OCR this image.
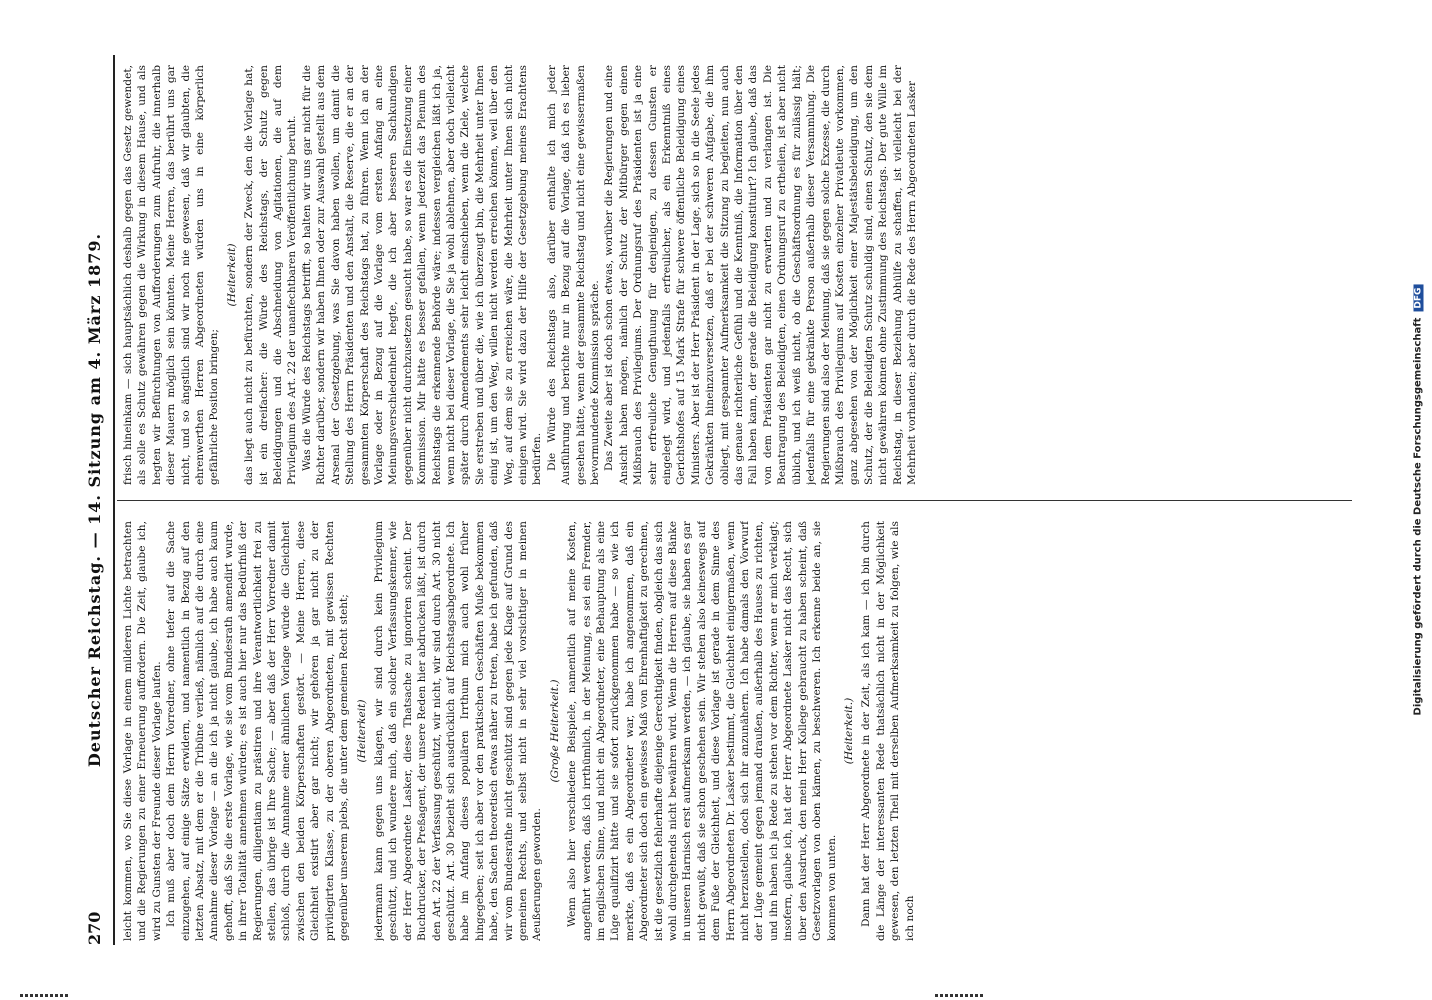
270
Deutscher Reichstag. — 14. Sitzung am 4. März 1879. leicht kommen, wo Sie diese Vorlage in einem milderen Lichte betrachten und die Regierungen zu einer Erneuerung auffordern. Die Zeit, glaube ich, wird zu Gunsten der Freunde dieser Vorlage laufen. Ich muß aber doch dem Herrn Vorredner, ohne tiefer auf die Sache einzugehen, auf einige Sätze erwidern, und namentlich in Bezug auf den letzten Absatz, mit dem er die Tribüne verließ, nämlich auf die durch eine Annahme dieser Vorlage — an die ich ja nicht glaube, ich habe auch kaum gehofft, daß Sie die erste Vorlage, wie sie vom Bundesrath amendirt wurde, in ihrer Totalität annehmen würden; es ist auch hier nur das Bedürfniß der Regierungen, diligentiam zu prästiren und ihre Verantwortlichkeit frei zu stellen, das übrige ist Ihre Sache; — aber daß der Herr Vorredner damit schloß, durch die Annahme einer ähnlichen Vorlage würde die Gleichheit zwischen den beiden Körperschaften gestört. — Meine Herren, diese Gleichheit existirt aber gar nicht; wir gehören ja gar nicht zu der privilegirten Klasse, zu der oberen Abgeordneten, mit gewissen Rechten gegenüber unserem plebs, die unter dem gemeinen Recht steht; (Heiterkeit) jedermann kann gegen uns klagen, wir sind durch kein Privilegium geschützt, und ich wundere mich, daß ein solcher Verfassungskenner, wie der Herr Abgeordnete Lasker, diese Thatsache zu ignoriren scheint. Der Buchdrucker, der Preßagent, der unsere Reden hier abdrucken läßt, ist durch den Art. 22 der Verfassung geschützt, wir nicht, wir sind durch Art. 30 nicht geschützt. Art. 30 bezieht sich ausdrücklich auf Reichstagsabgeordnete. Ich habe im Anfang dieses populären Irrthum mich auch wohl früher hingegeben; seit ich aber vor den praktischen Geschäften Muße bekommen habe, den Sachen theoretisch etwas näher zu treten, habe ich gefunden, daß wir vom Bundesrathe nicht geschützt sind gegen jede Klage auf Grund des gemeinen Rechts, und selbst nicht in sehr viel vorsichtiger in meinen Aeußerungen geworden.

(Große Heiterkeit.) Wenn also hier verschiedene Beispiele, namentlich auf meine Kosten, angeführt werden, daß ich irrthümlich, in der Meinung, es sei ein Fremder, im englischen Sinne, und nicht ein Abgeordneter, eine Behauptung als eine Lüge qualifizirt hätte und sie sofort zurückgenommen habe — so wie ich merkte, daß es ein Abgeordneter war, habe ich angenommen, daß ein Abgeordneter sich doch ein gewisses Maß von Ehrenhaftigkeit zu gerechnen, ist die gesetzlich fehlerhafte diejenige Gerechtigkeit finden, obgleich das sich wohl durchgehends nicht bewähren wird. Wenn die Herren auf diese Bänke in unseren Harnisch erst aufmerksam werden, — ich glaube, sie haben es gar nicht gewußt, daß sie schon geschehen sein. Wir stehen also keineswegs auf dem Fuße der Gleichheit, und diese Vorlage ist gerade in dem Sinne des Herrn Abgeordneten Dr. Lasker bestimmt, die Gleichheit einigermaßen, wenn nicht herzustellen, doch sich ihr anzunähern. Ich habe damals den Vorwurf der Lüge gemeint gegen jemand draußen, außerhalb des Hauses zu richten, und ihn haben ich ja Rede zu stehen vor dem Richter, wenn er mich verklagt; insofern, glaube ich, hat der Herr Abgeordnete Lasker nicht das Recht, sich über den Ausdruck, den mein Herr Kollege gebraucht zu haben scheint, daß Gesetzvorlagen von oben kämen, zu beschweren. Ich erkenne beide an, sie kommen von unten.

(Heiterkeit.) Dann hat der Herr Abgeordnete in der Zeit, als ich kam — ich bin durch die Länge der interessanten Rede thatsächlich nicht in der Möglichkeit gewesen, den letzten Theil mit derselben Aufmerksamkeit zu folgen, wie als ich noch

frisch hineinkam — sich hauptsächlich deshalb gegen das Gesetz gewendet, als solle es Schutz gewähren gegen die Wirkung in diesem Hause, und als hegten wir Befürchtungen von Aufforderungen zum Aufruhr, die innerhalb dieser Mauern möglich sein könnten. Meine Herren, das berührt uns gar nicht, und so ängstlich sind wir noch nie gewesen, daß wir glaubten, die ehrenwerthen Herren Abgeordneten würden uns in eine körperlich gefährliche Position bringen;

(Heiterkeit) das liegt auch nicht zu befürchten, sondern der Zweck, den die Vorlage hat, ist ein dreifacher: die Würde des Reichstags, der Schutz gegen Beleidigungen und die Abschneidung von Agitationen, die auf dem Privilegium des Art. 22 der unanfechtbaren Veröffentlichung beruht. Was die Würde des Reichstags betrifft, so halten wir uns gar nicht für die Richter darüber, sondern wir haben Ihnen oder zur Auswahl gestellt aus dem Arsenal der Gesetzgebung, was Sie davon haben wollen, um damit die Stellung des Herrn Präsidenten und den Anstalt, die Reserve, die er an der gesammten Körperschaft des Reichstags hat, zu führen. Wenn ich an der Vorlage oder in Bezug auf die Vorlage vom ersten Anfang an eine Meinungsverschiedenheit hegte, die ich aber besseren Sachkundigen gegenüber nicht durchzusetzen gesucht habe, so war es die Einsetzung einer Kommission. Mir hätte es besser gefallen, wenn jederzeit das Plenum des Reichstags die erkennende Behörde wäre; indessen vergleichen läßt ich ja, wenn nicht bei dieser Vorlage, die Sie ja wohl ablehnen, aber doch vielleicht später durch Amendements sehr leicht einschieben, wenn die Ziele, welche Sie erstreben und über die, wie ich überzeugt bin, die Mehrheit unter Ihnen einig ist, um den Weg, willen nicht werden erreichen können, weil über den Weg, auf dem sie zu erreichen wäre, die Mehrheit unter Ihnen sich nicht einigen wird. Sie wird dazu der Hilfe der Gesetzgebung meines Erachtens bedürfen. Die Würde des Reichstags also, darüber enthalte ich mich jeder Ausführung und berichte nur in Bezug auf die Vorlage, daß ich es lieber gesehen hätte, wenn der gesammte Reichstag und nicht eine gewissermaßen bevormundende Kommission spräche. Das Zweite aber ist doch schon etwas, worüber die Regierungen und eine Ansicht haben mögen, nämlich der Schutz der Mitbürger gegen einen Mißbrauch des Privilegiums. Der Ordnungsruf des Präsidenten ist ja eine sehr erfreuliche Genugthuung für denjenigen, zu dessen Gunsten er eingelegt wird, und jedenfalls erfreulicher, als ein Erkenntniß eines Gerichtshofes auf 15 Mark Strafe für schwere öffentliche Beleidigung eines Ministers. Aber ist der Herr Präsident in der Lage, sich so in die Seele jedes Gekränkten hineinzuversetzen, daß er bei der schweren Aufgabe, die ihm obliegt, mit gespannter Aufmerksamkeit die Sitzung zu begleiten, nun auch das genaue richterliche Gefühl und die Kenntniß, die Information über den Fall haben kann, der gerade die Beleidigung konstituirt? Ich glaube, daß das von dem Präsidenten gar nicht zu erwarten und zu verlangen ist. Die Beantragung des Beleidigten, einen Ordnungsruf zu ertheilen, ist aber nicht üblich, und ich weiß nicht, ob die Geschäftsordnung es für zulässig hält; jedenfalls für eine gekränkte Person außerhalb dieser Versammlung. Die Regierungen sind also der Meinung, daß sie gegen solche Exzesse, die durch Mißbrauch des Privilegiums auf Kosten einzelner Privatleute vorkommen, ganz abgesehen von der Möglichkeit einer Majestätsbeleidigung, um den Schutz, der die Beleidigten Schutz schuldig sind, einen Schutz, den sie dem nicht gewähren können ohne Zustimmung des Reichstags. Der gute Wille im Reichstag, in dieser Beziehung Abhülfe zu schaffen, ist vielleicht bei der Mehrheit vorhanden; aber durch die Rede des Herrn Abgeordneten Lasker

Digitalisierung gefördert durch die Deutsche ForschungsgemeinschaftDFG
